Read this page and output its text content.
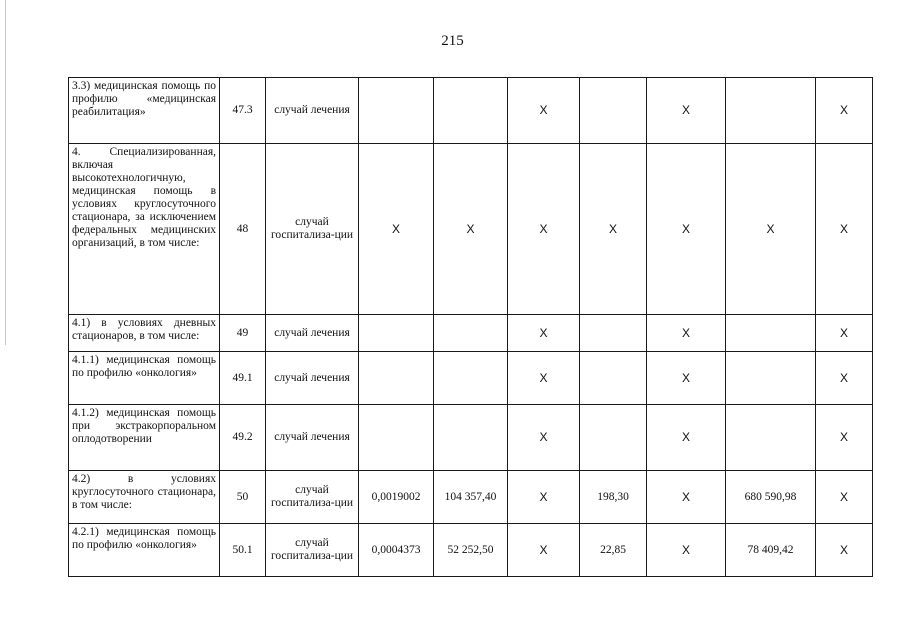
215
3.3) медицинская помощь по профилю «медицинская реабилитация»	47.3	случай лечения			X		X		X
4. Специализированная, включая высокотехнологичную, медицинская помощь в условиях круглосуточного стационара, за исключением федеральных медицинских организаций, в том числе:	48	случай госпитализа-ции	X	X	X	X	X	X	X
4.1) в условиях дневных стационаров, в том числе:	49	случай лечения			X		X		X
4.1.1) медицинская помощь по профилю «онкология»	49.1	случай лечения			X		X		X
4.1.2) медицинская помощь при экстракорпоральном оплодотворении	49.2	случай лечения			X		X		X
4.2) в условиях круглосуточного стационара, в том числе:	50	случай госпитализа-ции	0,0019002	104 357,40	X	198,30	X	680 590,98	X
4.2.1) медицинская помощь по профилю «онкология»	50.1	случай госпитализа-ции	0,0004373	52 252,50	X	22,85	X	78 409,42	X
